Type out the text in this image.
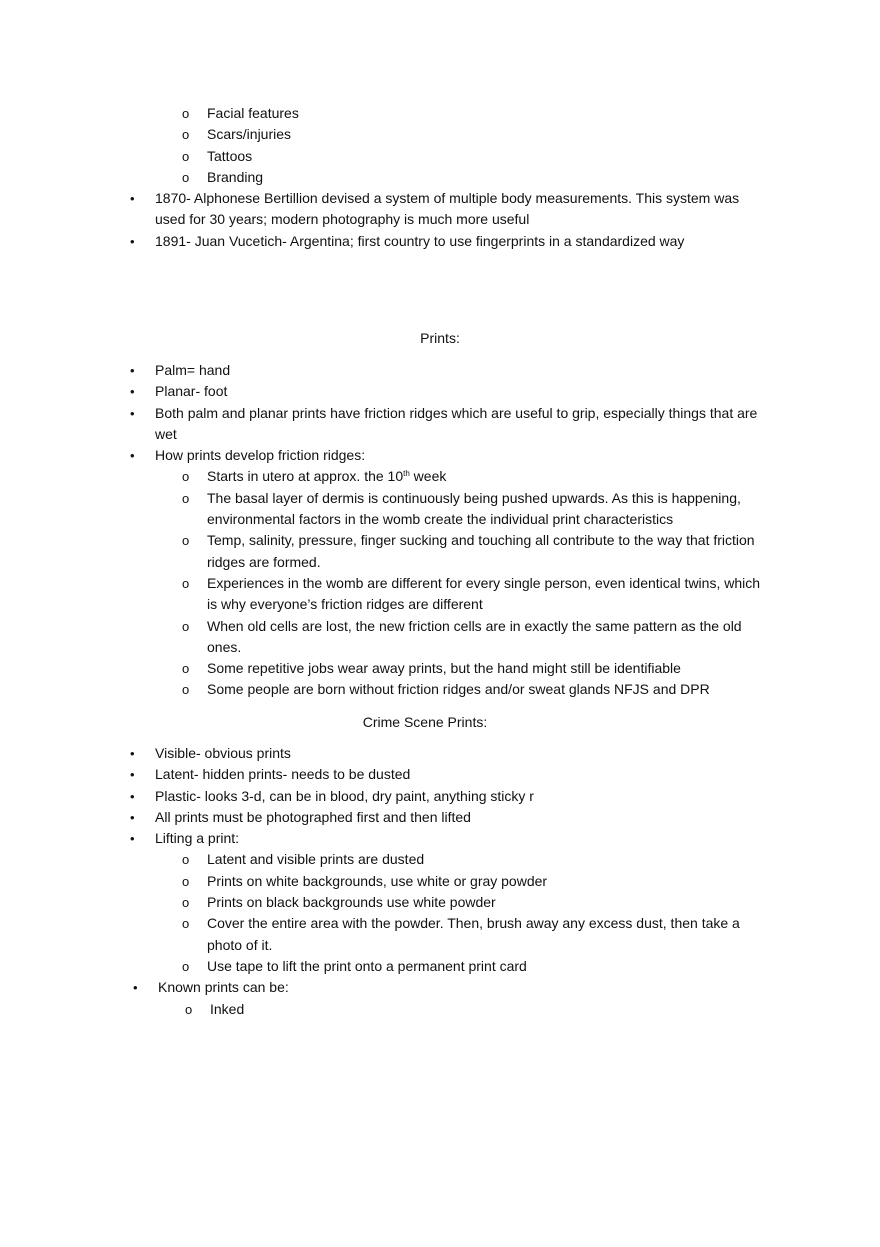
o Facial features
o Scars/injuries
o Tattoos
o Branding
• 1870- Alphonese Bertillion devised a system of multiple body measurements. This system was used for 30 years; modern photography is much more useful
• 1891- Juan Vucetich- Argentina; first country to use fingerprints in a standardized way
Prints:
• Palm= hand
• Planar- foot
• Both palm and planar prints have friction ridges which are useful to grip, especially things that are wet
• How prints develop friction ridges:
o Starts in utero at approx. the 10th week
o The basal layer of dermis is continuously being pushed upwards. As this is happening, environmental factors in the womb create the individual print characteristics
o Temp, salinity, pressure, finger sucking and touching all contribute to the way that friction ridges are formed.
o Experiences in the womb are different for every single person, even identical twins, which is why everyone’s friction ridges are different
o When old cells are lost, the new friction cells are in exactly the same pattern as the old ones.
o Some repetitive jobs wear away prints, but the hand might still be identifiable
o Some people are born without friction ridges and/or sweat glands NFJS and DPR
Crime Scene Prints:
• Visible- obvious prints
• Latent- hidden prints- needs to be dusted
• Plastic- looks 3-d, can be in blood, dry paint, anything sticky r
• All prints must be photographed first and then lifted
• Lifting a print:
o Latent and visible prints are dusted
o Prints on white backgrounds, use white or gray powder
o Prints on black backgrounds use white powder
o Cover the entire area with the powder. Then, brush away any excess dust, then take a photo of it.
o Use tape to lift the print onto a permanent print card
• Known prints can be:
o Inked
